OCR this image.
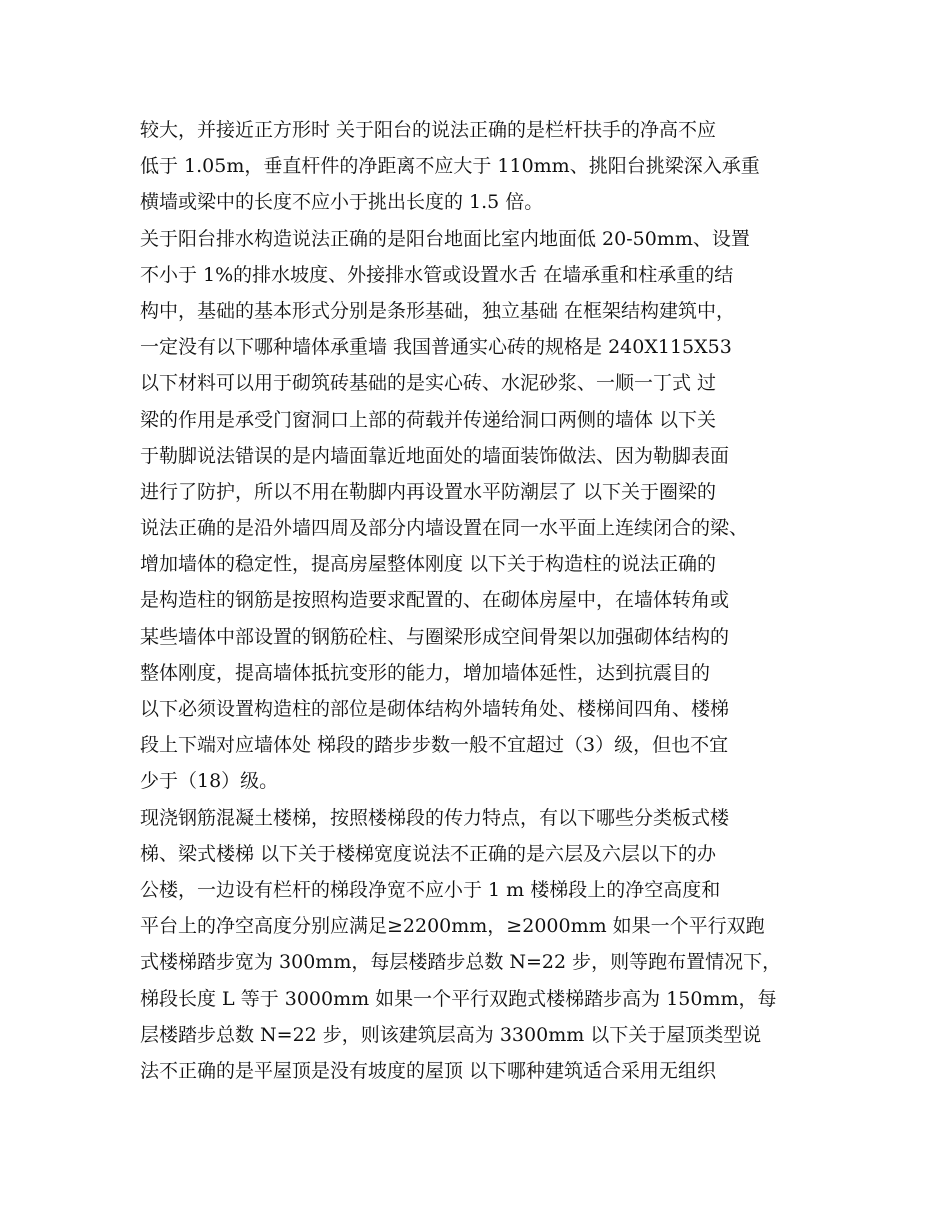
较大，并接近正方形时 关于阳台的说法正确的是栏杆扶手的净高不应
低于 1.05m，垂直杆件的净距离不应大于 110mm、挑阳台挑梁深入承重
横墙或梁中的长度不应小于挑出长度的 1.5 倍。
关于阳台排水构造说法正确的是阳台地面比室内地面低 20-50mm、设置
不小于 1%的排水坡度、外接排水管或设置水舌 在墙承重和柱承重的结
构中，基础的基本形式分别是条形基础，独立基础 在框架结构建筑中，
一定没有以下哪种墙体承重墙 我国普通实心砖的规格是 240X115X53
以下材料可以用于砌筑砖基础的是实心砖、水泥砂浆、一顺一丁式 过
梁的作用是承受门窗洞口上部的荷载并传递给洞口两侧的墙体 以下关
于勒脚说法错误的是内墙面靠近地面处的墙面装饰做法、因为勒脚表面
进行了防护，所以不用在勒脚内再设置水平防潮层了 以下关于圈梁的
说法正确的是沿外墙四周及部分内墙设置在同一水平面上连续闭合的梁、
增加墙体的稳定性，提高房屋整体刚度 以下关于构造柱的说法正确的
是构造柱的钢筋是按照构造要求配置的、在砌体房屋中，在墙体转角或
某些墙体中部设置的钢筋砼柱、与圈梁形成空间骨架以加强砌体结构的
整体刚度，提高墙体抵抗变形的能力，增加墙体延性，达到抗震目的
以下必须设置构造柱的部位是砌体结构外墙转角处、楼梯间四角、楼梯
段上下端对应墙体处 梯段的踏步步数一般不宜超过（3）级，但也不宜
少于（18）级。
现浇钢筋混凝土楼梯，按照楼梯段的传力特点，有以下哪些分类板式楼
梯、梁式楼梯 以下关于楼梯宽度说法不正确的是六层及六层以下的办
公楼，一边设有栏杆的梯段净宽不应小于 1 m 楼梯段上的净空高度和
平台上的净空高度分别应满足≥2200mm，≥2000mm 如果一个平行双跑
式楼梯踏步宽为 300mm，每层楼踏步总数 N=22 步，则等跑布置情况下，
梯段长度 L 等于 3000mm 如果一个平行双跑式楼梯踏步高为 150mm，每
层楼踏步总数 N=22 步，则该建筑层高为 3300mm 以下关于屋顶类型说
法不正确的是平屋顶是没有坡度的屋顶 以下哪种建筑适合采用无组织
